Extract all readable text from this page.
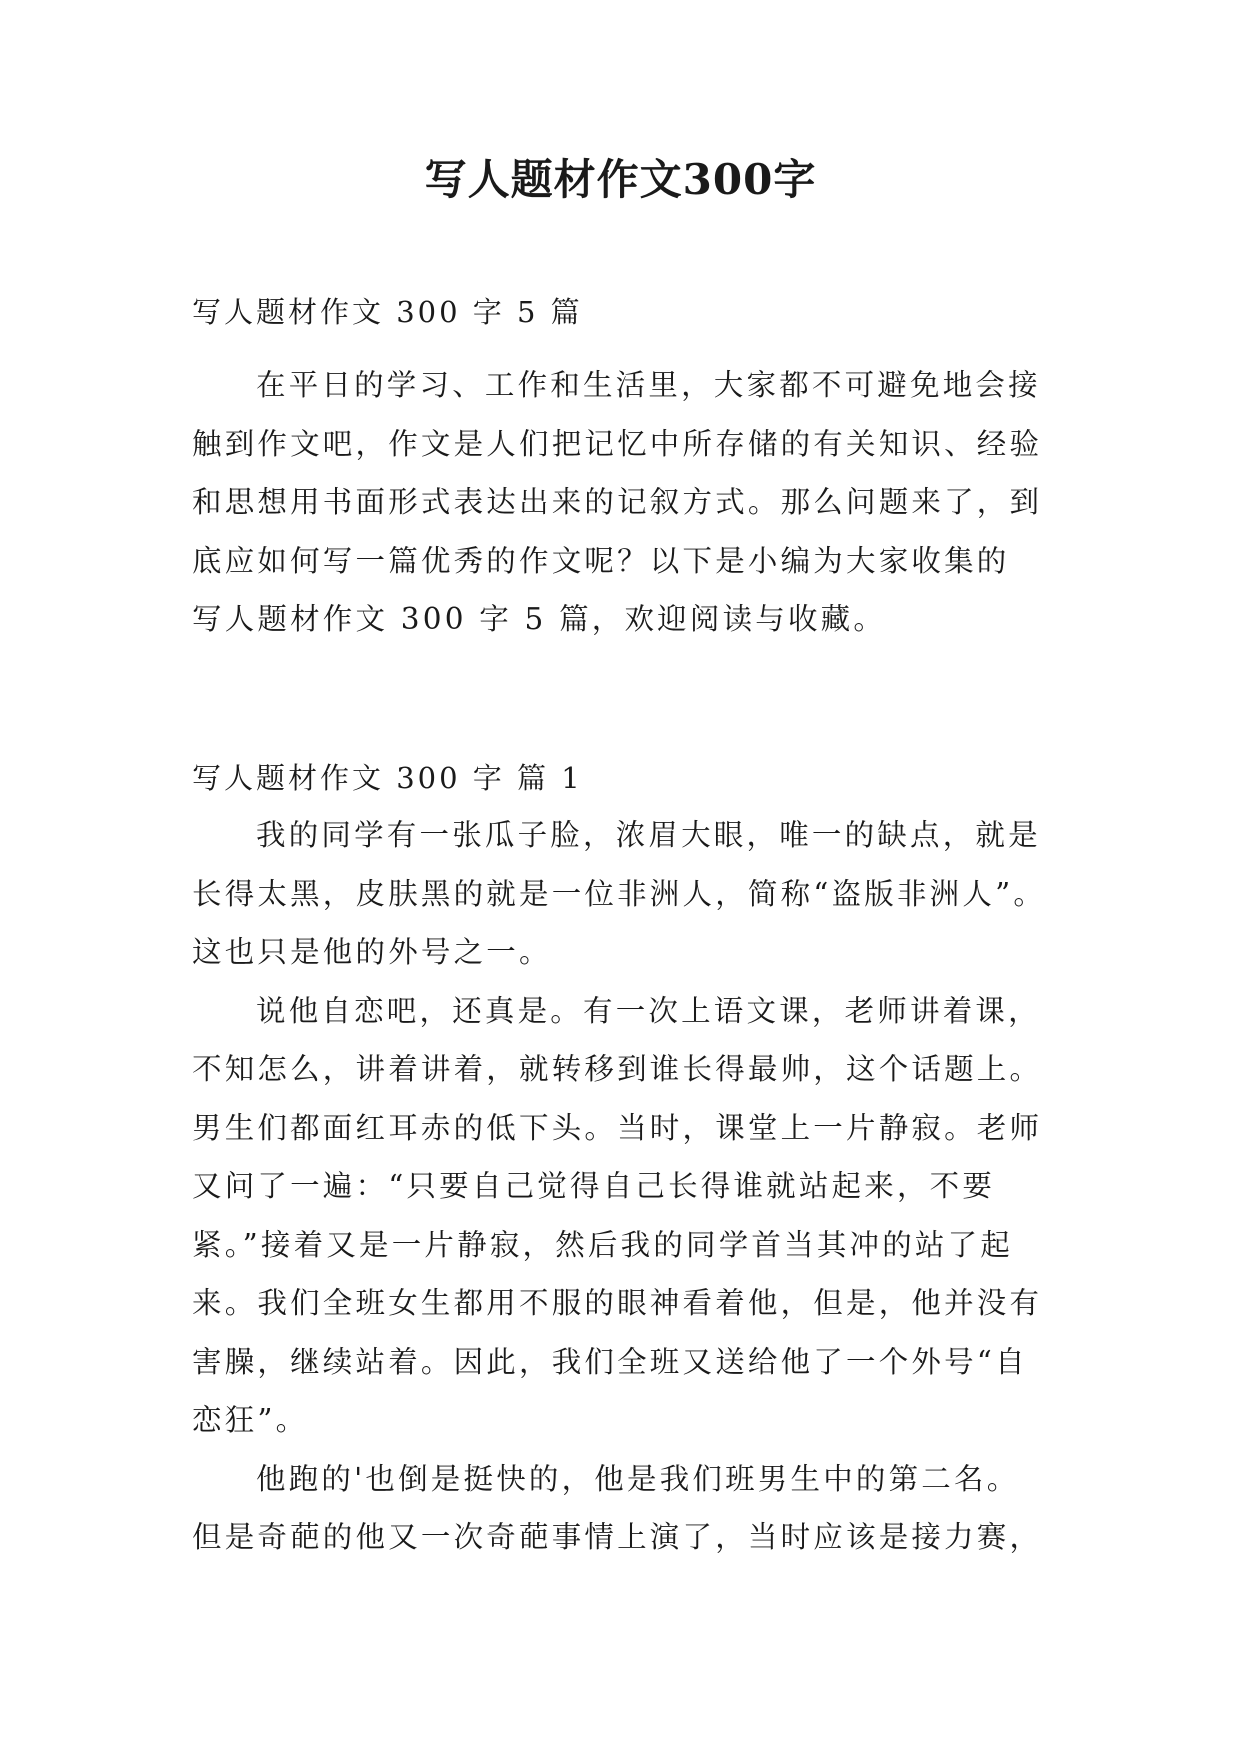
写人题材作文300字

写人题材作文 300 字 5 篇

在平日的学习、工作和生活里，大家都不可避免地会接
触到作文吧，作文是人们把记忆中所存储的有关知识、经验
和思想用书面形式表达出来的记叙方式。那么问题来了，到
底应如何写一篇优秀的作文呢？以下是小编为大家收集的
写人题材作文 300 字 5 篇，欢迎阅读与收藏。

写人题材作文 300 字 篇 1

我的同学有一张瓜子脸，浓眉大眼，唯一的缺点，就是
长得太黑，皮肤黑的就是一位非洲人，简称“盗版非洲人”。
这也只是他的外号之一。
说他自恋吧，还真是。有一次上语文课，老师讲着课，
不知怎么，讲着讲着，就转移到谁长得最帅，这个话题上。
男生们都面红耳赤的低下头。当时，课堂上一片静寂。老师
又问了一遍：“只要自己觉得自己长得谁就站起来，不要
紧。”接着又是一片静寂，然后我的同学首当其冲的站了起
来。我们全班女生都用不服的眼神看着他，但是，他并没有
害臊，继续站着。因此，我们全班又送给他了一个外号“自
恋狂”。
他跑的'也倒是挺快的，他是我们班男生中的第二名。
但是奇葩的他又一次奇葩事情上演了，当时应该是接力赛，
